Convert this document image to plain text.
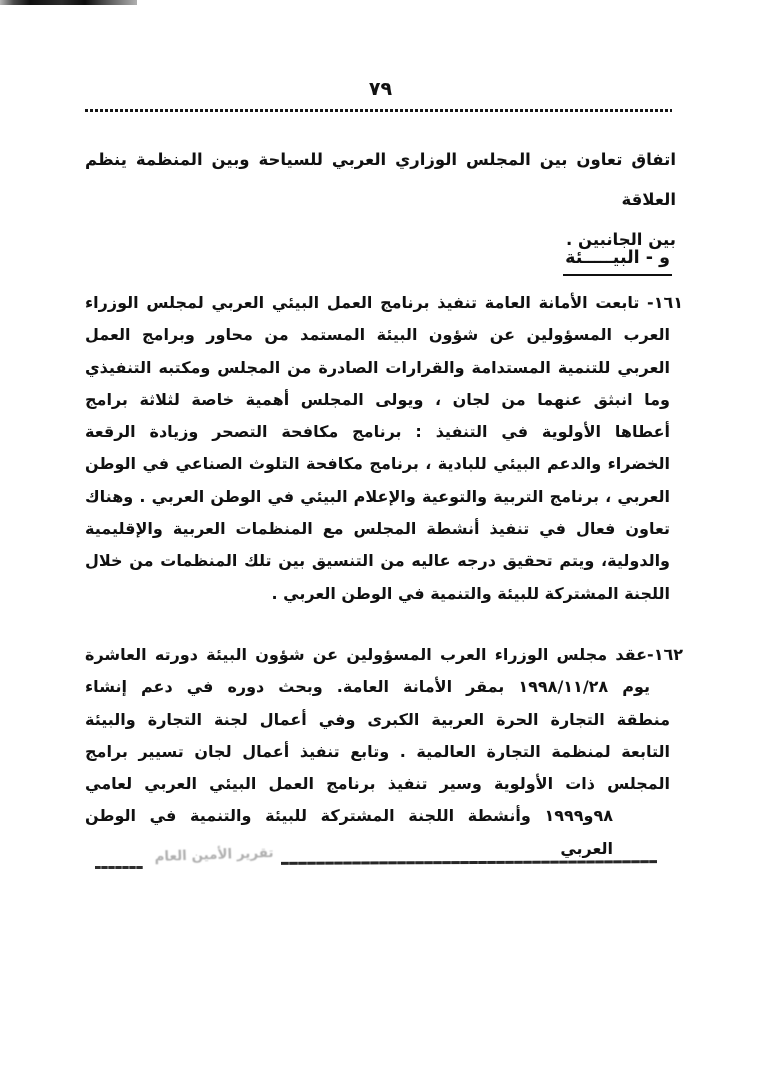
٧٩
اتفاق تعاون بين المجلس الوزاري العربي للسياحة وبين المنظمة ينظم العلاقة
بين الجانبين .
و - البيـــــئة
١٦١- تابعت الأمانة العامة تنفيذ برنامج العمل البيئي العربي لمجلس الوزراء
العرب المسؤولين عن شؤون البيئة المستمد من محاور وبرامج العمل
العربي للتنمية المستدامة والقرارات الصادرة من المجلس ومكتبه التنفيذي
وما انبثق عنهما من لجان ، ويولى المجلس أهمية خاصة لثلاثة برامج
أعطاها الأولوية في التنفيذ : برنامج مكافحة التصحر وزيادة الرقعة
الخضراء والدعم البيئي للبادية ، برنامج مكافحة التلوث الصناعي في الوطن
العربي ، برنامج التربية والتوعية والإعلام البيئي في الوطن العربي . وهناك
تعاون فعال في تنفيذ أنشطة المجلس مع المنظمات العربية والإقليمية
والدولية، ويتم تحقيق درجه عاليه من التنسيق بين تلك المنظمات من خلال
اللجنة المشتركة للبيئة والتنمية في الوطن العربي .
١٦٢-عقد مجلس الوزراء العرب المسؤولين عن شؤون البيئة دورته العاشرة
يوم ١٩٩٨/١١/٢٨ بمقر الأمانة العامة. وبحث دوره في دعم إنشاء
منطقة التجارة الحرة العربية الكبرى وفي أعمال لجنة التجارة والبيئة
التابعة لمنظمة التجارة العالمية . وتابع تنفيذ أعمال لجان تسيير برامج
المجلس ذات الأولوية وسير تنفيذ برنامج العمل البيئي العربي لعامي
٩٨و١٩٩٩ وأنشطة اللجنة المشتركة للبيئة والتنمية في الوطن العربي
تقرير الأمين العام
